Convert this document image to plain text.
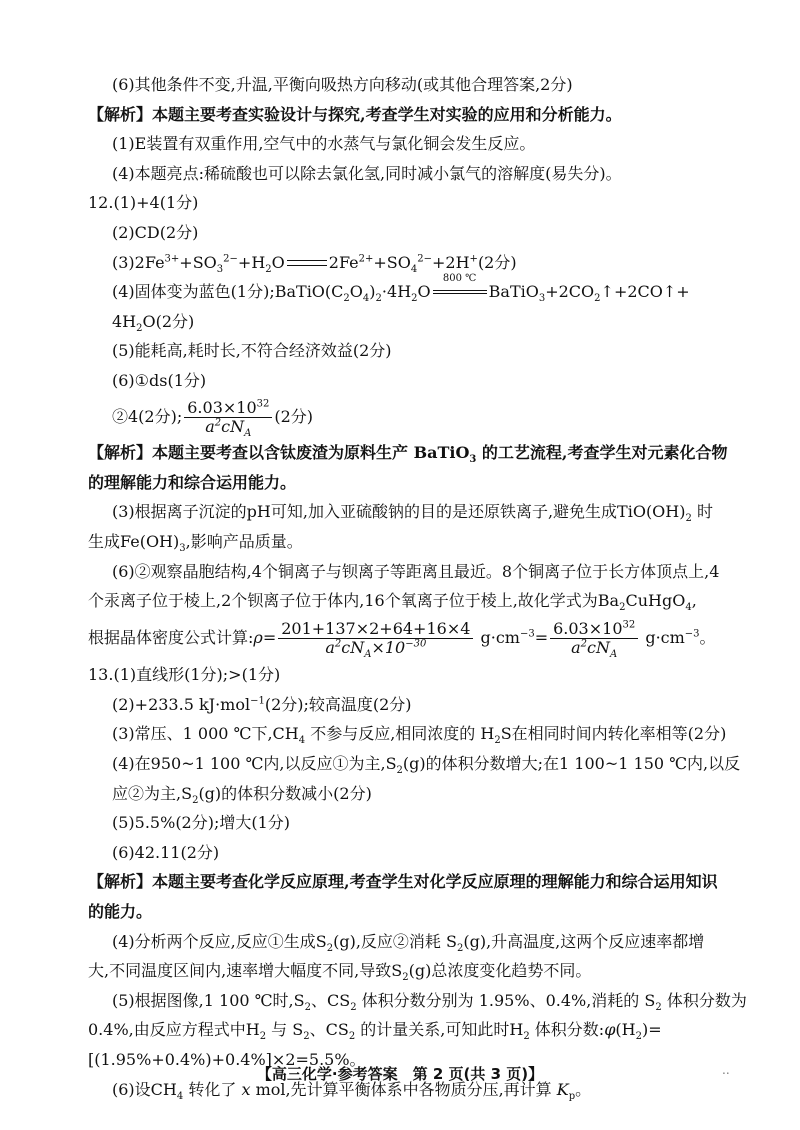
(6)其他条件不变,升温,平衡向吸热方向移动(或其他合理答案,2分)
【解析】本题主要考查实验设计与探究,考查学生对实验的应用和分析能力。
(1)E装置有双重作用,空气中的水蒸气与氯化铜会发生反应。
(4)本题亮点:稀硫酸也可以除去氯化氢,同时减小氯气的溶解度(易失分)。
12.(1)+4(1分)
(2)CD(2分)
$(3)2Fe^{3+}+SO_3^{2-}+H_2O$	$2Fe^{2+}+SO_4^{2-}+2H^+(2$分)
(4)固体变为蓝色(1分)$;BaTiO(C_2O_4)_2\cdot 4H_2O$
800 ℃
$BaTiO_3+2CO_2↑+2CO↑+$
$4H_2O(2$分)
(5)能耗高,耗时长,不符合经济效益(2分)
(6)①ds(1分)
②4(2分); $\frac{6.03\times 10^{32}}{a^2cN_A} (2$分)
【解析】本题主要考查以含钛废渣为原料生产 BaTiO$_3$ 的工艺流程,考查学生对元素化合物
的理解能力和综合运用能力。
(3)根据离子沉淀的pH可知,加入亚硫酸钠的目的是还原铁离子,避免生成$TiO(OH)_2$ 时
生成$Fe(OH)_3$,影响产品质量。
(6)②观察晶胞结构,4个铜离子与钡离子等距离且最近。8个铜离子位于长方体顶点上,4
个汞离子位于棱上,2个钡离子位于体内,16个氧离子位于棱上,故化学式为$Ba_2CuHgO_4$,
根据晶体密度公式计算:ρ= $\frac{201+137\times 2+64+16\times 4}{a^2cN_A\times 10^{-30}} g\cdot cm^{-3}= \frac{6.03\times 10^{32}}{a^2cN_A} g\cdot cm^{-3}$。
13.(1)直线形(1分);>(1分)
(2)+233.5 kJ·mol$^{-1}$(2分);较高温度(2分)
(3)常压、1 000 ℃下$,CH_4$ 不参与反应,相同浓度的 $H_2S$在相同时间内转化率相等(2分)
(4)在950~1 100 ℃内,以反应①为主$,S_2(g)$的体积分数增大;在1 100~1 150 ℃内,以反
应②为主$,S_2(g)$的体积分数减小(2分)
(5)5.5%(2分);增大(1分)
(6)42.11(2分)
【解析】本题主要考查化学反应原理,考查学生对化学反应原理的理解能力和综合运用知识
的能力。
(4)分析两个反应,反应①生成$S_2(g)$,反应②消耗 $S_2(g)$,升高温度,这两个反应速率都增
大,不同温度区间内,速率增大幅度不同,导致$S_2(g)$总浓度变化趋势不同。
(5)根据图像,1 100 ℃时$,S_2$、$CS_2$ 体积分数分别为 1.95%、0.4%,消耗的 $S_2$ 体积分数为
0.4%,由反应方程式中$H_2$ 与 $S_2$、$CS_2$ 的计量关系,可知此时$H_2$ 体积分数$:\varphi(H_2)=$
[(1.95%+0.4%)+0.4%]×2=5.5%。
(6)设$CH_4$ 转化了 x mol,先计算平衡体系中各物质分压,再计算 $K_p$。
【高三化学·参考答案　第 2 页(共 3 页)】	..
